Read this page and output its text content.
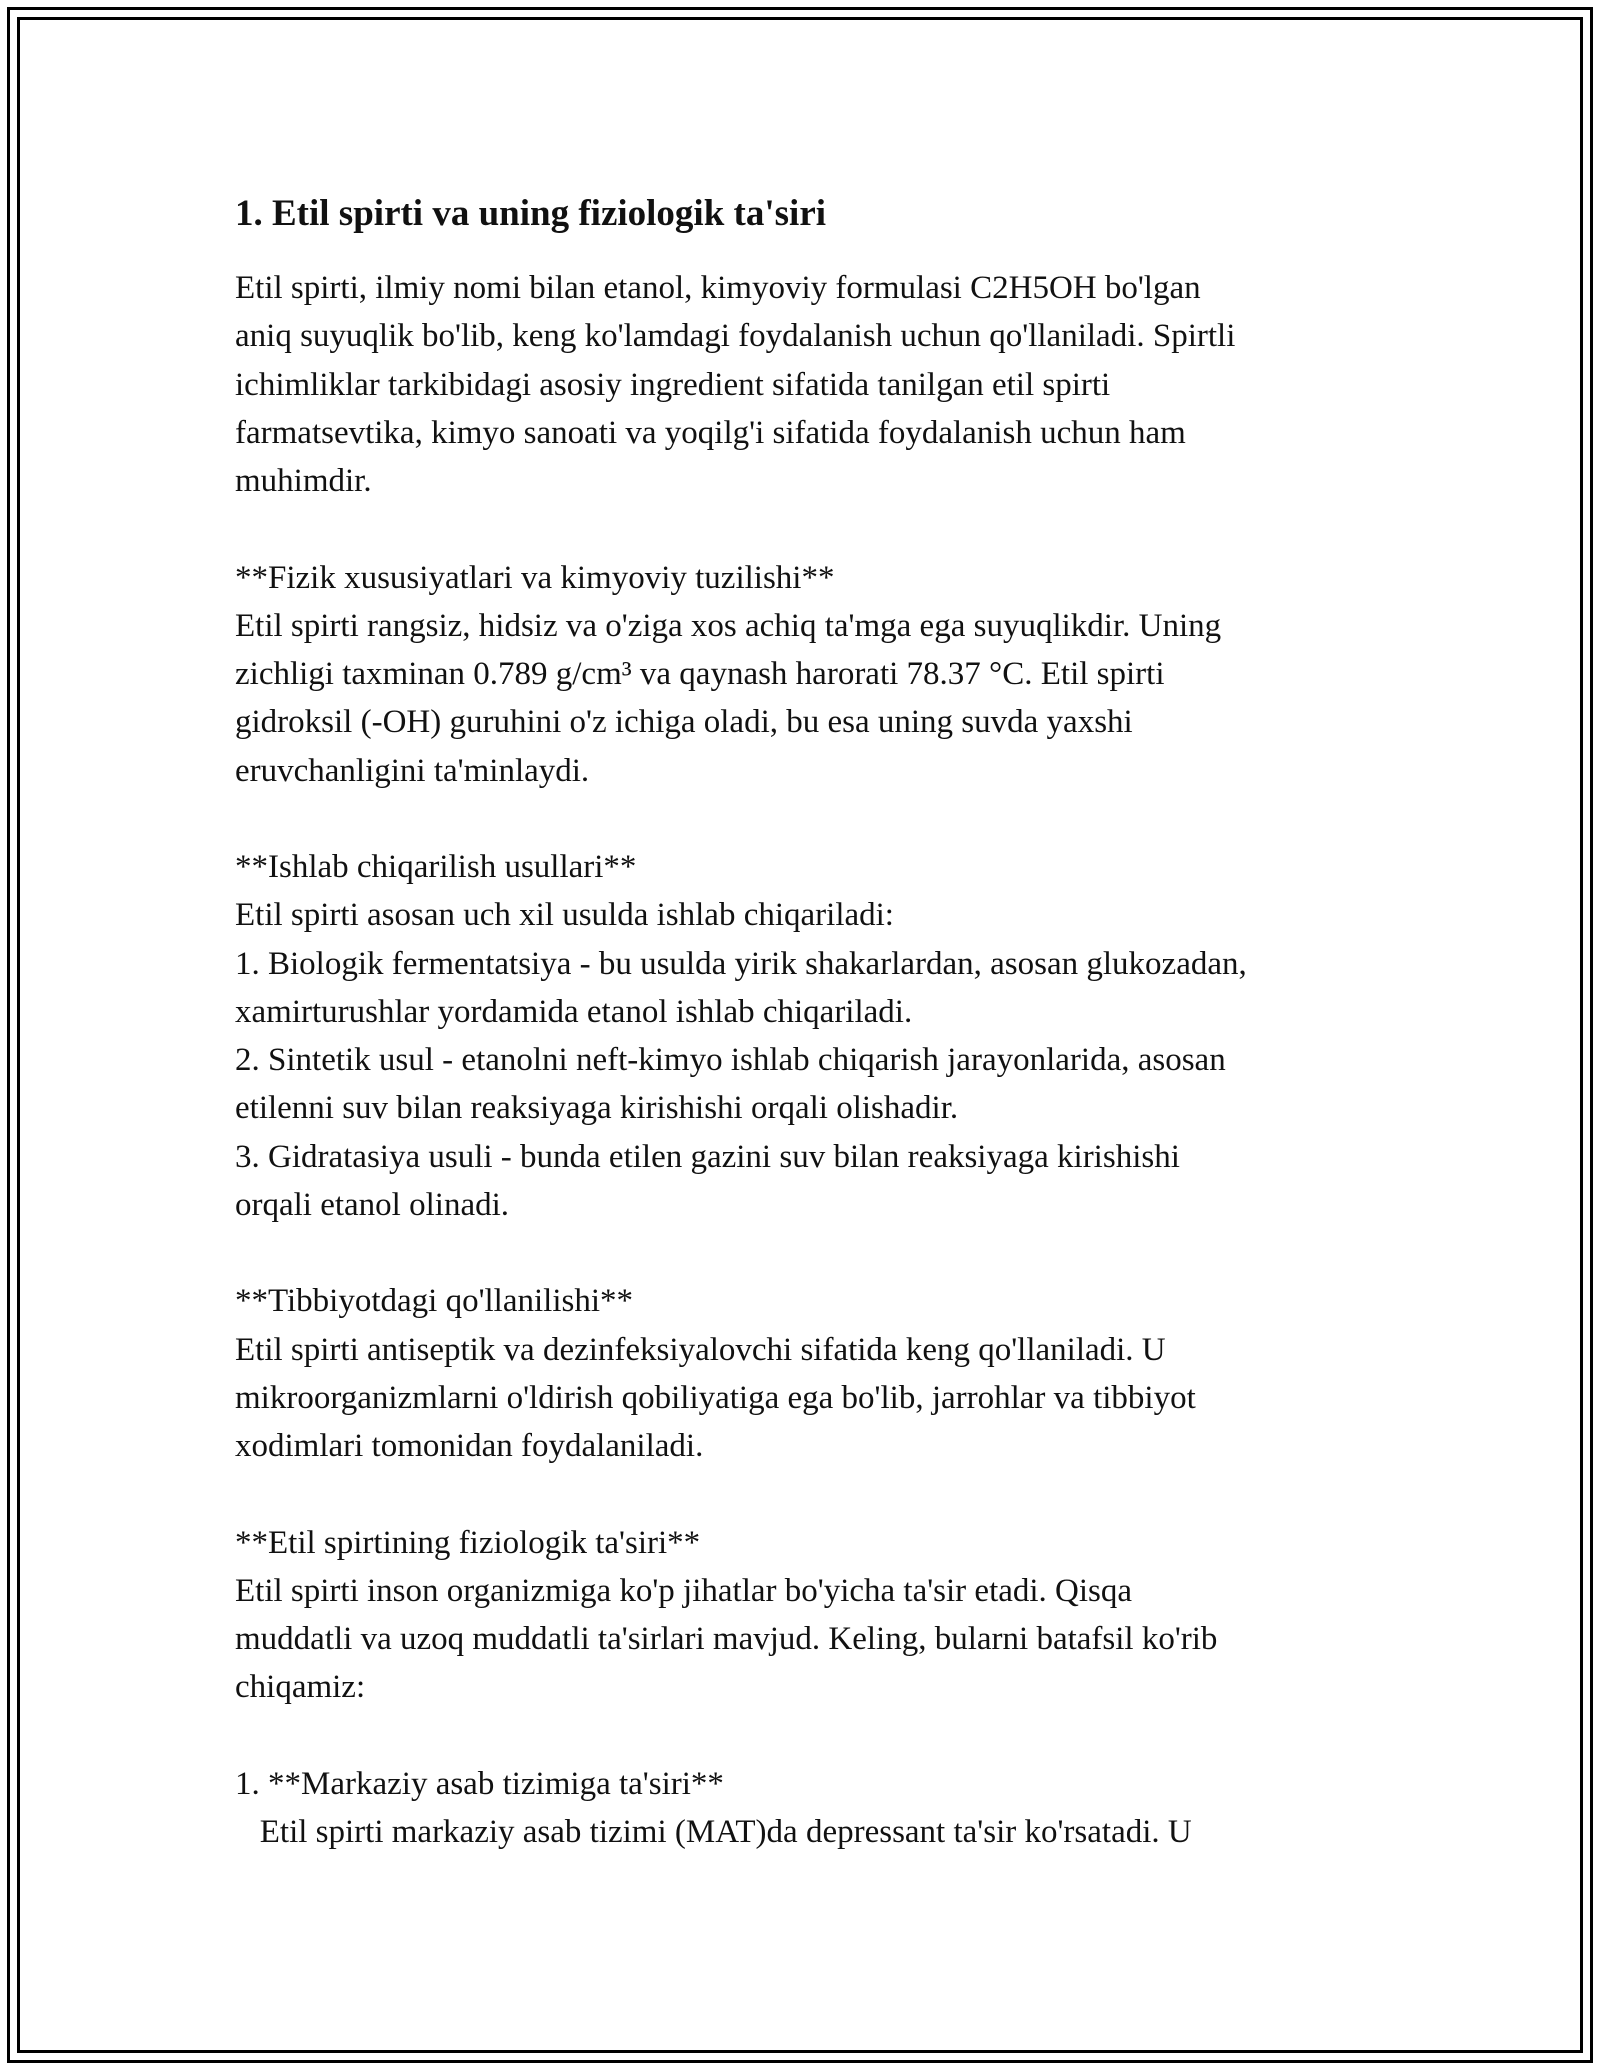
1. Etil spirti va uning fiziologik ta'siri
Etil spirti, ilmiy nomi bilan etanol, kimyoviy formulasi C2H5OH bo'lgan
aniq suyuqlik bo'lib, keng ko'lamdagi foydalanish uchun qo'llaniladi. Spirtli
ichimliklar tarkibidagi asosiy ingredient sifatida tanilgan etil spirti
farmatsevtika, kimyo sanoati va yoqilg'i sifatida foydalanish uchun ham
muhimdir.

**Fizik xususiyatlari va kimyoviy tuzilishi**
Etil spirti rangsiz, hidsiz va o'ziga xos achiq ta'mga ega suyuqlikdir. Uning
zichligi taxminan 0.789 g/cm³ va qaynash harorati 78.37 °C. Etil spirti
gidroksil (-OH) guruhini o'z ichiga oladi, bu esa uning suvda yaxshi
eruvchanligini ta'minlaydi.

**Ishlab chiqarilish usullari**
Etil spirti asosan uch xil usulda ishlab chiqariladi:
1. Biologik fermentatsiya - bu usulda yirik shakarlardan, asosan glukozadan,
xamirturushlar yordamida etanol ishlab chiqariladi.
2. Sintetik usul - etanolni neft-kimyo ishlab chiqarish jarayonlarida, asosan
etilenni suv bilan reaksiyaga kirishishi orqali olishadir.
3. Gidratasiya usuli - bunda etilen gazini suv bilan reaksiyaga kirishishi
orqali etanol olinadi.

**Tibbiyotdagi qo'llanilishi**
Etil spirti antiseptik va dezinfeksiyalovchi sifatida keng qo'llaniladi. U
mikroorganizmlarni o'ldirish qobiliyatiga ega bo'lib, jarrohlar va tibbiyot
xodimlari tomonidan foydalaniladi.

**Etil spirtining fiziologik ta'siri**
Etil spirti inson organizmiga ko'p jihatlar bo'yicha ta'sir etadi. Qisqa
muddatli va uzoq muddatli ta'sirlari mavjud. Keling, bularni batafsil ko'rib
chiqamiz:

1. **Markaziy asab tizimiga ta'siri**
Etil spirti markaziy asab tizimi (MAT)da depressant ta'sir ko'rsatadi. U
